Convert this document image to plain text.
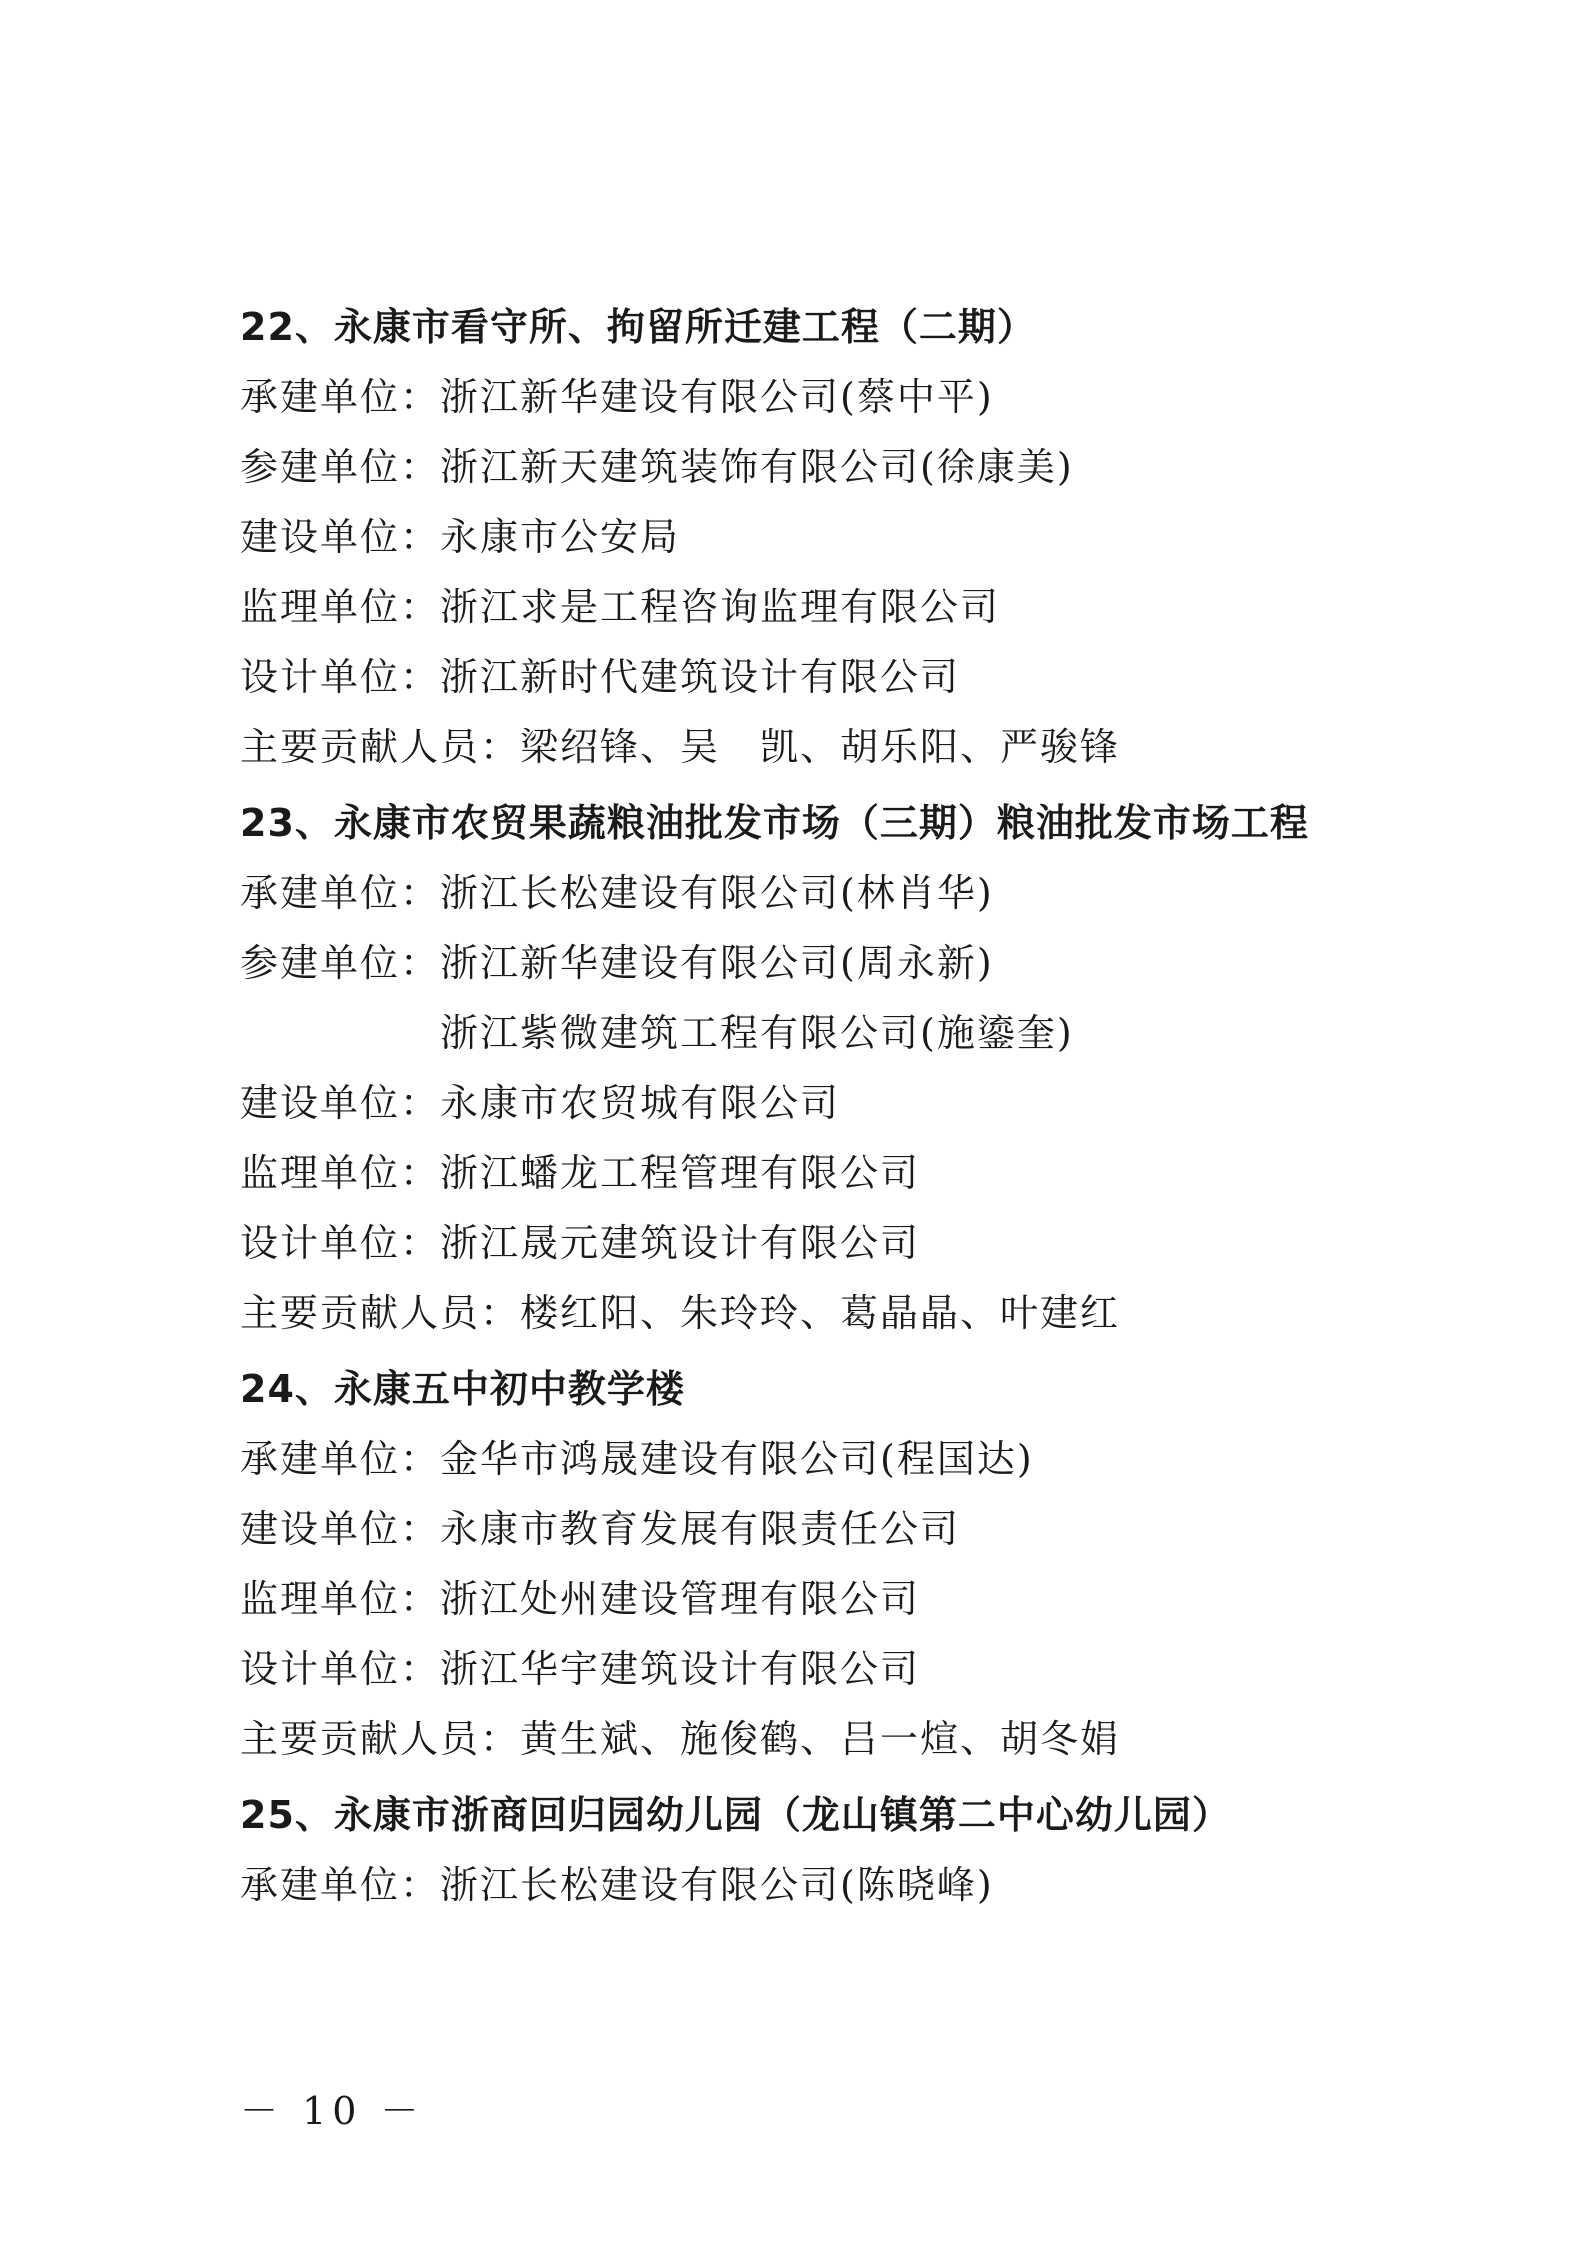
22、永康市看守所、拘留所迁建工程（二期）
承建单位： 浙江新华建设有限公司(蔡中平)
参建单位： 浙江新天建筑装饰有限公司(徐康美)
建设单位： 永康市公安局
监理单位： 浙江求是工程咨询监理有限公司
设计单位： 浙江新时代建筑设计有限公司
主要贡献人员： 梁绍锋、吴　凯、胡乐阳、严骏锋
23、永康市农贸果蔬粮油批发市场（三期）粮油批发市场工程
承建单位： 浙江长松建设有限公司(林肖华)
参建单位： 浙江新华建设有限公司(周永新)
浙江紫微建筑工程有限公司(施鎏奎)
建设单位： 永康市农贸城有限公司
监理单位： 浙江蟠龙工程管理有限公司
设计单位： 浙江晟元建筑设计有限公司
主要贡献人员： 楼红阳、朱玲玲、葛晶晶、叶建红
24、永康五中初中教学楼
承建单位： 金华市鸿晟建设有限公司(程国达)
建设单位： 永康市教育发展有限责任公司
监理单位： 浙江处州建设管理有限公司
设计单位： 浙江华宇建筑设计有限公司
主要贡献人员： 黄生斌、施俊鹤、吕一煊、胡冬娟
25、永康市浙商回归园幼儿园（龙山镇第二中心幼儿园）
承建单位： 浙江长松建设有限公司(陈晓峰)
－ 10 －
